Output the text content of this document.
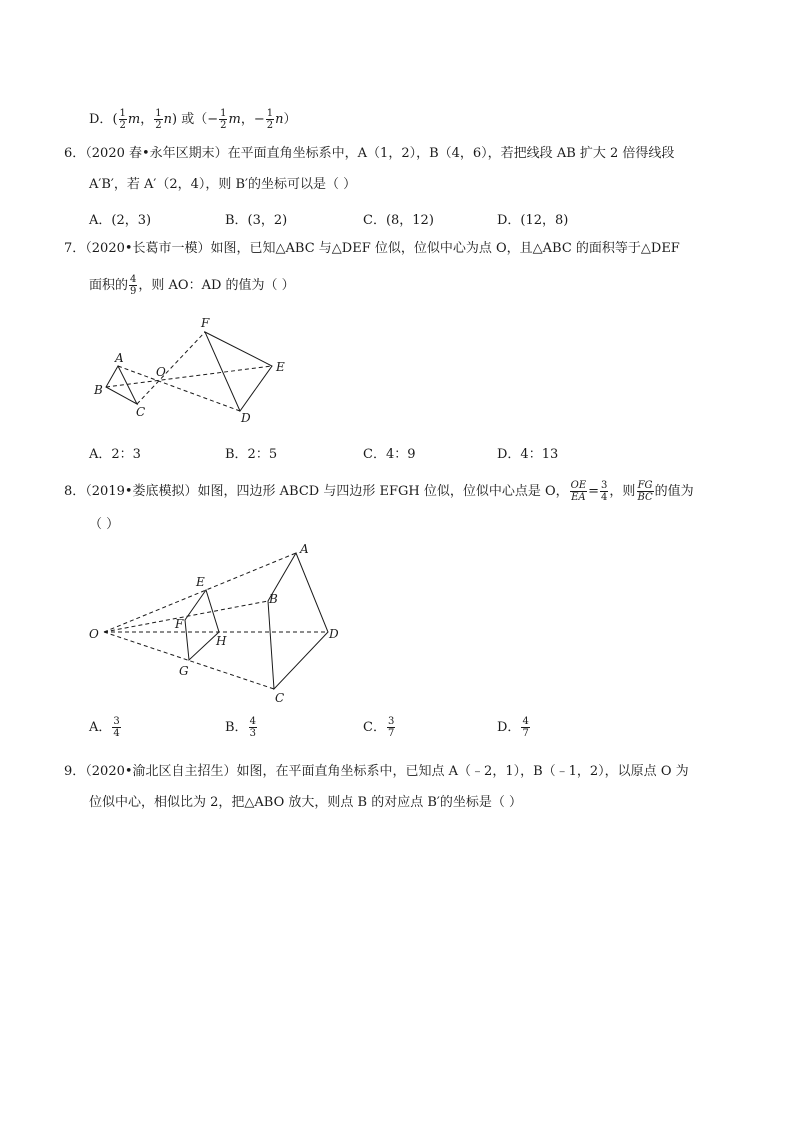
D．( $\frac{1}{2}$ m， $\frac{1}{2} n$) 或（− $\frac{1}{2}$ m，− $\frac{1}{2} n$）
6．（2020 春•永年区期末）在平面直角坐标系中，A（1，2），B（4，6），若把线段 AB 扩大 2 倍得线段
A′B′，若 A′（2，4），则 B′的坐标可以是（ ）
A．(2，3)	B．(3，2)	C．(8，12)	D．(12，8)
7．（2020•长葛市一模）如图，已知△ABC 与△DEF 位似，位似中心为点 O，且△ABC 的面积等于△DEF
面积的 $\frac{4}{9}$ ，则 AO：AD 的值为（ ）
A
B
C
O
D
E
F
A．2：3	B．2：5	C．4：9	D．4：13
8．（2019•娄底模拟）如图，四边形 ABCD 与四边形 EFGH 位似，位似中心点是 O， $\frac{OE}{EA} = \frac{3}{4}$ ，则 $\frac{FG}{BC}$ 的值为
（ ）
O
A
B
C
D
E
F
G
H
A． $\frac{3}{4}$	B． $\frac{4}{3}$	C． $\frac{3}{7}$	D． $\frac{4}{7}$
9．（2020•渝北区自主招生）如图，在平面直角坐标系中，已知点 A（﹣2，1），B（﹣1，2），以原点 O 为
位似中心，相似比为 2，把△ABO 放大，则点 B 的对应点 B′的坐标是（ ）
